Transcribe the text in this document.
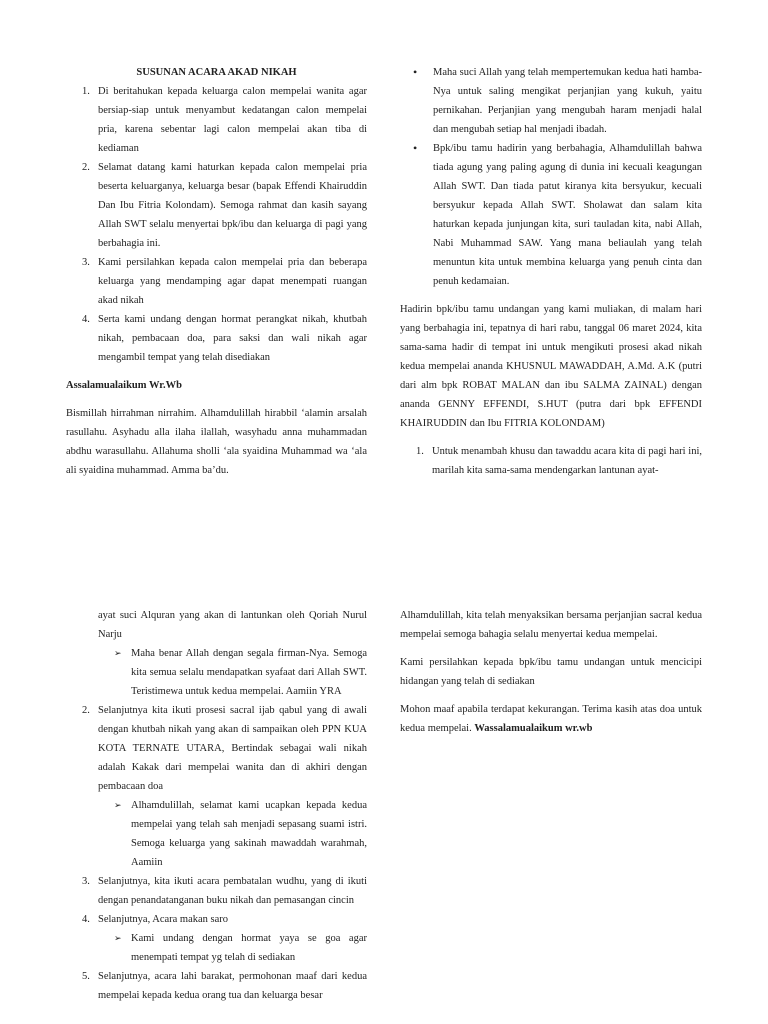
SUSUNAN ACARA AKAD NIKAH

1. Di beritahukan kepada keluarga calon mempelai wanita agar bersiap-siap untuk menyambut kedatangan calon mempelai pria, karena sebentar lagi calon mempelai akan tiba di kediaman
2. Selamat datang kami haturkan kepada calon mempelai pria beserta keluarganya, keluarga besar (bapak Effendi Khairuddin Dan Ibu Fitria Kolondam). Semoga rahmat dan kasih sayang Allah SWT selalu menyertai bpk/ibu dan keluarga di pagi yang berbahagia ini.
3. Kami persilahkan kepada calon mempelai pria dan beberapa keluarga yang mendamping agar dapat menempati ruangan akad nikah
4. Serta kami undang dengan hormat perangkat nikah, khutbah nikah, pembacaan doa, para saksi dan wali nikah agar mengambil tempat yang telah disediakan

Assalamualaikum Wr.Wb

Bismillah hirrahman nirrahim. Alhamdulillah hirabbil ‘alamin arsalah rasullahu. Asyhadu alla ilaha ilallah, wasyhadu anna muhammadan abdhu warasullahu. Allahuma sholli ‘ala syaidina Muhammad wa ‘ala ali syaidina muhammad. Amma ba’du.

• Maha suci Allah yang telah mempertemukan kedua hati hamba-Nya untuk saling mengikat perjanjian yang kukuh, yaitu pernikahan. Perjanjian yang mengubah haram menjadi halal dan mengubah setiap hal menjadi ibadah.
• Bpk/ibu tamu hadirin yang berbahagia, Alhamdulillah bahwa tiada agung yang paling agung di dunia ini kecuali keagungan Allah SWT. Dan tiada patut kiranya kita bersyukur, kecuali bersyukur kepada Allah SWT. Sholawat dan salam kita haturkan kepada junjungan kita, suri tauladan kita, nabi Allah, Nabi Muhammad SAW. Yang mana beliaulah yang telah menuntun kita untuk membina keluarga yang penuh cinta dan penuh kedamaian.

Hadirin bpk/ibu tamu undangan yang kami muliakan, di malam hari yang berbahagia ini, tepatnya di hari rabu, tanggal 06 maret 2024, kita sama-sama hadir di tempat ini untuk mengikuti prosesi akad nikah kedua mempelai ananda KHUSNUL MAWADDAH, A.Md. A.K (putri dari alm bpk ROBAT MALAN dan ibu SALMA ZAINAL) dengan ananda GENNY EFFENDI, S.HUT (putra dari bpk EFFENDI KHAIRUDDIN dan Ibu FITRIA KOLONDAM)

1. Untuk menambah khusu dan tawaddu acara kita di pagi hari ini, marilah kita sama-sama mendengarkan lantunan ayat-

ayat suci Alquran yang akan di lantunkan oleh Qoriah Nurul Narju

➢ Maha benar Allah dengan segala firman-Nya. Semoga kita semua selalu mendapatkan syafaat dari Allah SWT. Teristimewa untuk kedua mempelai. Aamiin YRA
2. Selanjutnya kita ikuti prosesi sacral ijab qabul yang di awali dengan khutbah nikah yang akan di sampaikan oleh PPN KUA KOTA TERNATE UTARA, Bertindak sebagai wali nikah adalah Kakak dari mempelai wanita dan di akhiri dengan pembacaan doa
➢ Alhamdulillah, selamat kami ucapkan kepada kedua mempelai yang telah sah menjadi sepasang suami istri. Semoga keluarga yang sakinah mawaddah warahmah, Aamiin
3. Selanjutnya, kita ikuti acara pembatalan wudhu, yang di ikuti dengan penandatanganan buku nikah dan pemasangan cincin
4. Selanjutnya, Acara makan saro
➢ Kami undang dengan hormat yaya se goa agar menempati tempat yg telah di sediakan
5. Selanjutnya, acara lahi barakat, permohonan maaf dari kedua mempelai kepada kedua orang tua dan keluarga besar

Alhamdulillah, kita telah menyaksikan bersama perjanjian sacral kedua mempelai semoga bahagia selalu menyertai kedua mempelai.

Kami persilahkan kepada bpk/ibu tamu undangan untuk mencicipi hidangan yang telah di sediakan

Mohon maaf apabila terdapat kekurangan. Terima kasih atas doa untuk kedua mempelai. Wassalamualaikum wr.wb
